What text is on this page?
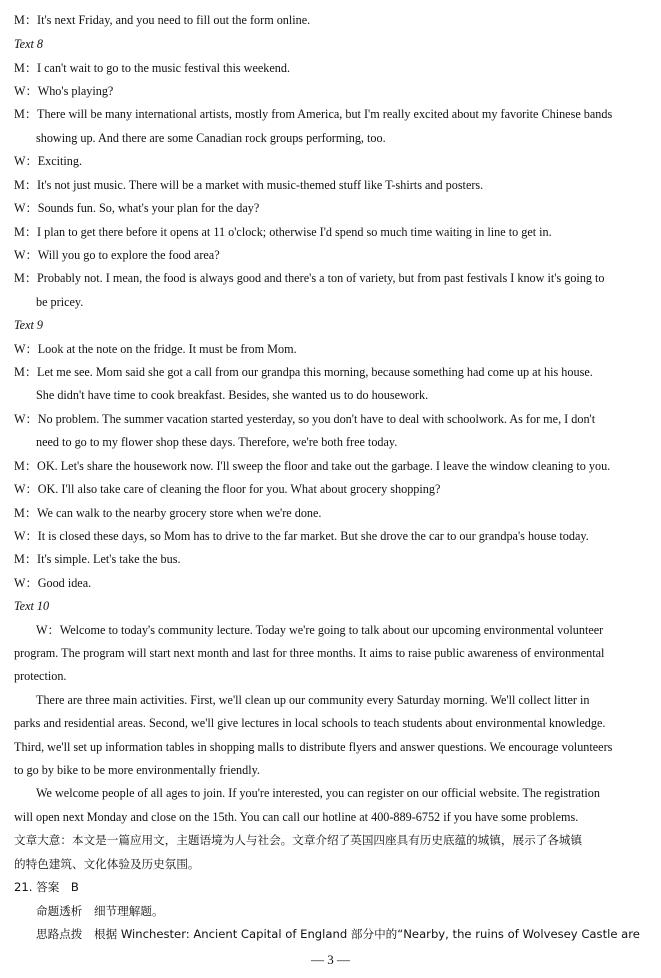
M：It's next Friday, and you need to fill out the form online.
Text 8
M：I can't wait to go to the music festival this weekend.
W：Who's playing?
M：There will be many international artists, mostly from America, but I'm really excited about my favorite Chinese bands
showing up. And there are some Canadian rock groups performing, too.
W：Exciting.
M：It's not just music. There will be a market with music-themed stuff like T-shirts and posters.
W：Sounds fun. So, what's your plan for the day?
M：I plan to get there before it opens at 11 o'clock; otherwise I'd spend so much time waiting in line to get in.
W：Will you go to explore the food area?
M：Probably not. I mean, the food is always good and there's a ton of variety, but from past festivals I know it's going to
be pricey.
Text 9
W：Look at the note on the fridge. It must be from Mom.
M：Let me see. Mom said she got a call from our grandpa this morning, because something had come up at his house.
She didn't have time to cook breakfast. Besides, she wanted us to do housework.
W：No problem. The summer vacation started yesterday, so you don't have to deal with schoolwork. As for me, I don't
need to go to my flower shop these days. Therefore, we're both free today.
M：OK. Let's share the housework now. I'll sweep the floor and take out the garbage. I leave the window cleaning to you.
W：OK. I'll also take care of cleaning the floor for you. What about grocery shopping?
M：We can walk to the nearby grocery store when we're done.
W：It is closed these days, so Mom has to drive to the far market. But she drove the car to our grandpa's house today.
M：It's simple. Let's take the bus.
W：Good idea.
Text 10
W：Welcome to today's community lecture. Today we're going to talk about our upcoming environmental volunteer
program. The program will start next month and last for three months. It aims to raise public awareness of environmental
protection.
There are three main activities. First, we'll clean up our community every Saturday morning. We'll collect litter in
parks and residential areas. Second, we'll give lectures in local schools to teach students about environmental knowledge.
Third, we'll set up information tables in shopping malls to distribute flyers and answer questions. We encourage volunteers
to go by bike to be more environmentally friendly.
We welcome people of all ages to join. If you're interested, you can register on our official website. The registration
will open next Monday and close on the 15th. You can call our hotline at 400-889-6752 if you have some problems.
文章大意：本文是一篇应用文，主题语境为人与社会。文章介绍了英国四座具有历史底蕴的城镇，展示了各城镇
的特色建筑、文化体验及历史氛围。
21. 答案　B
命题透析　细节理解题。
思路点拨　根据 Winchester: Ancient Capital of England 部分中的“Nearby, the ruins of Wolvesey Castle are
— 3 —
